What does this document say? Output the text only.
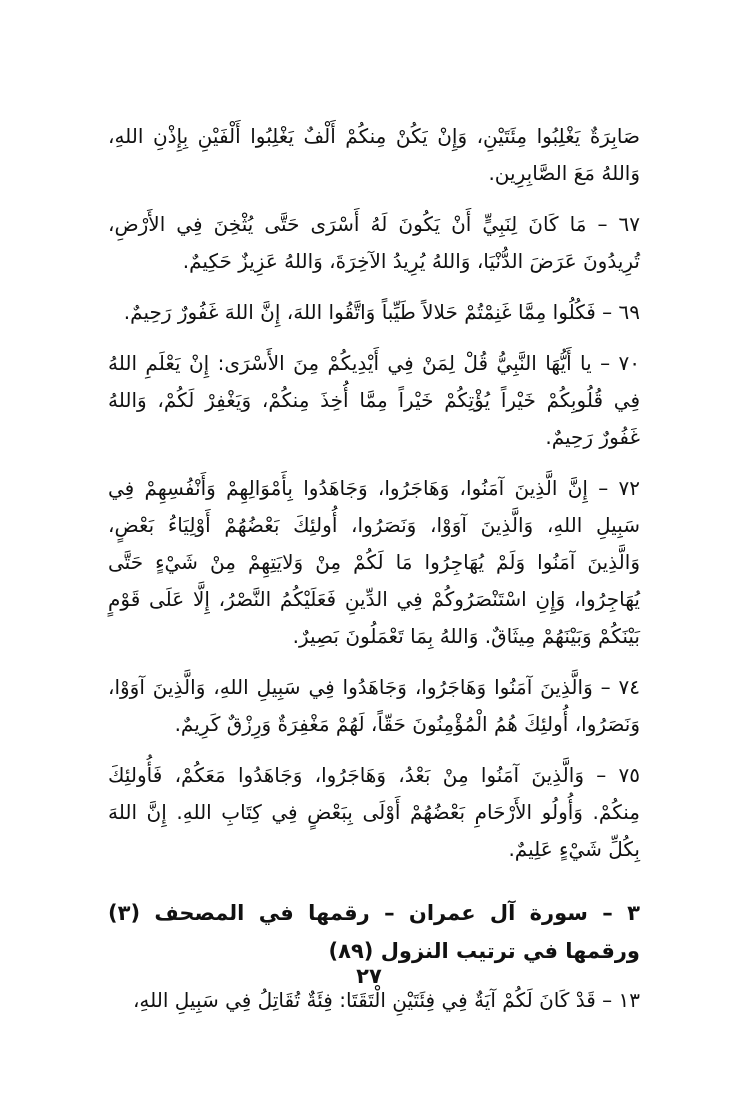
صَابِرَةٌ يَغْلِبُوا مِئَتَيْنِ، وَإِنْ يَكُنْ مِنكُمْ أَلْفٌ يَغْلِبُوا أَلْفَيْنِ بِإِذْنِ اللهِ، وَاللهُ مَعَ الصَّابِرِين.

٦٧ – مَا كَانَ لِنَبِيٍّ أَنْ يَكُونَ لَهُ أَسْرَى حَتَّى يُثْخِنَ فِي الأَرْضِ، تُرِيدُونَ عَرَضَ الدُّنْيَا، وَاللهُ يُرِيدُ الآخِرَةَ، وَاللهُ عَزِيزٌ حَكِيمٌ.

٦٩ – فَكُلُوا مِمَّا غَنِمْتُمْ حَلالاً طَيِّباً وَاتَّقُوا اللهَ، إِنَّ اللهَ غَفُورٌ رَحِيمٌ.

٧٠ – يا أَيُّهَا النَّبِيُّ قُلْ لِمَنْ فِي أَيْدِيكُمْ مِنَ الأَسْرَى: إِنْ يَعْلَمِ اللهُ فِي قُلُوبِكُمْ خَيْراً يُؤْتِكُمْ خَيْراً مِمَّا أُخِذَ مِنكُمْ، وَيَغْفِرْ لَكُمْ، وَاللهُ غَفُورٌ رَحِيمٌ.

٧٢ – إِنَّ الَّذِينَ آمَنُوا، وَهَاجَرُوا، وَجَاهَدُوا بِأَمْوَالِهِمْ وَأَنْفُسِهِمْ فِي سَبِيلِ اللهِ، وَالَّذِينَ آوَوْا، وَنَصَرُوا، أُولئِكَ بَعْضُهُمْ أَوْلِيَاءُ بَعْضٍ، وَالَّذِينَ آمَنُوا وَلَمْ يُهَاجِرُوا مَا لَكُمْ مِنْ وَلايَتِهِمْ مِنْ شَيْءٍ حَتَّى يُهَاجِرُوا، وَإِنِ اسْتَنْصَرُوكُمْ فِي الدِّينِ فَعَلَيْكُمُ النَّصْرُ، إِلَّا عَلَى قَوْمٍ بَيْنَكُمْ وَبَيْنَهُمْ مِيثَاقٌ. وَاللهُ بِمَا تَعْمَلُونَ بَصِيرٌ.

٧٤ – وَالَّذِينَ آمَنُوا وَهَاجَرُوا، وَجَاهَدُوا فِي سَبِيلِ اللهِ، وَالَّذِينَ آوَوْا، وَنَصَرُوا، أُولئِكَ هُمُ الْمُؤْمِنُونَ حَقّاً، لَهُمْ مَغْفِرَةٌ وَرِزْقٌ كَرِيمٌ.

٧٥ – وَالَّذِينَ آمَنُوا مِنْ بَعْدُ، وَهَاجَرُوا، وَجَاهَدُوا مَعَكُمْ، فَأُولئِكَ مِنكُمْ. وَأُولُو الأَرْحَامِ بَعْضُهُمْ أَوْلَى بِبَعْضٍ فِي كِتَابِ اللهِ. إِنَّ اللهَ بِكُلِّ شَيْءٍ عَلِيمٌ.

٣ – سورة آل عمران – رقمها في المصحف (٣) ورقمها في ترتيب النزول (٨٩)

١٣ – قَدْ كَانَ لَكُمْ آيَةٌ فِي فِئَتَيْنِ الْتَقَتَا: فِئَةٌ تُقَاتِلُ فِي سَبِيلِ اللهِ،

٢٧
